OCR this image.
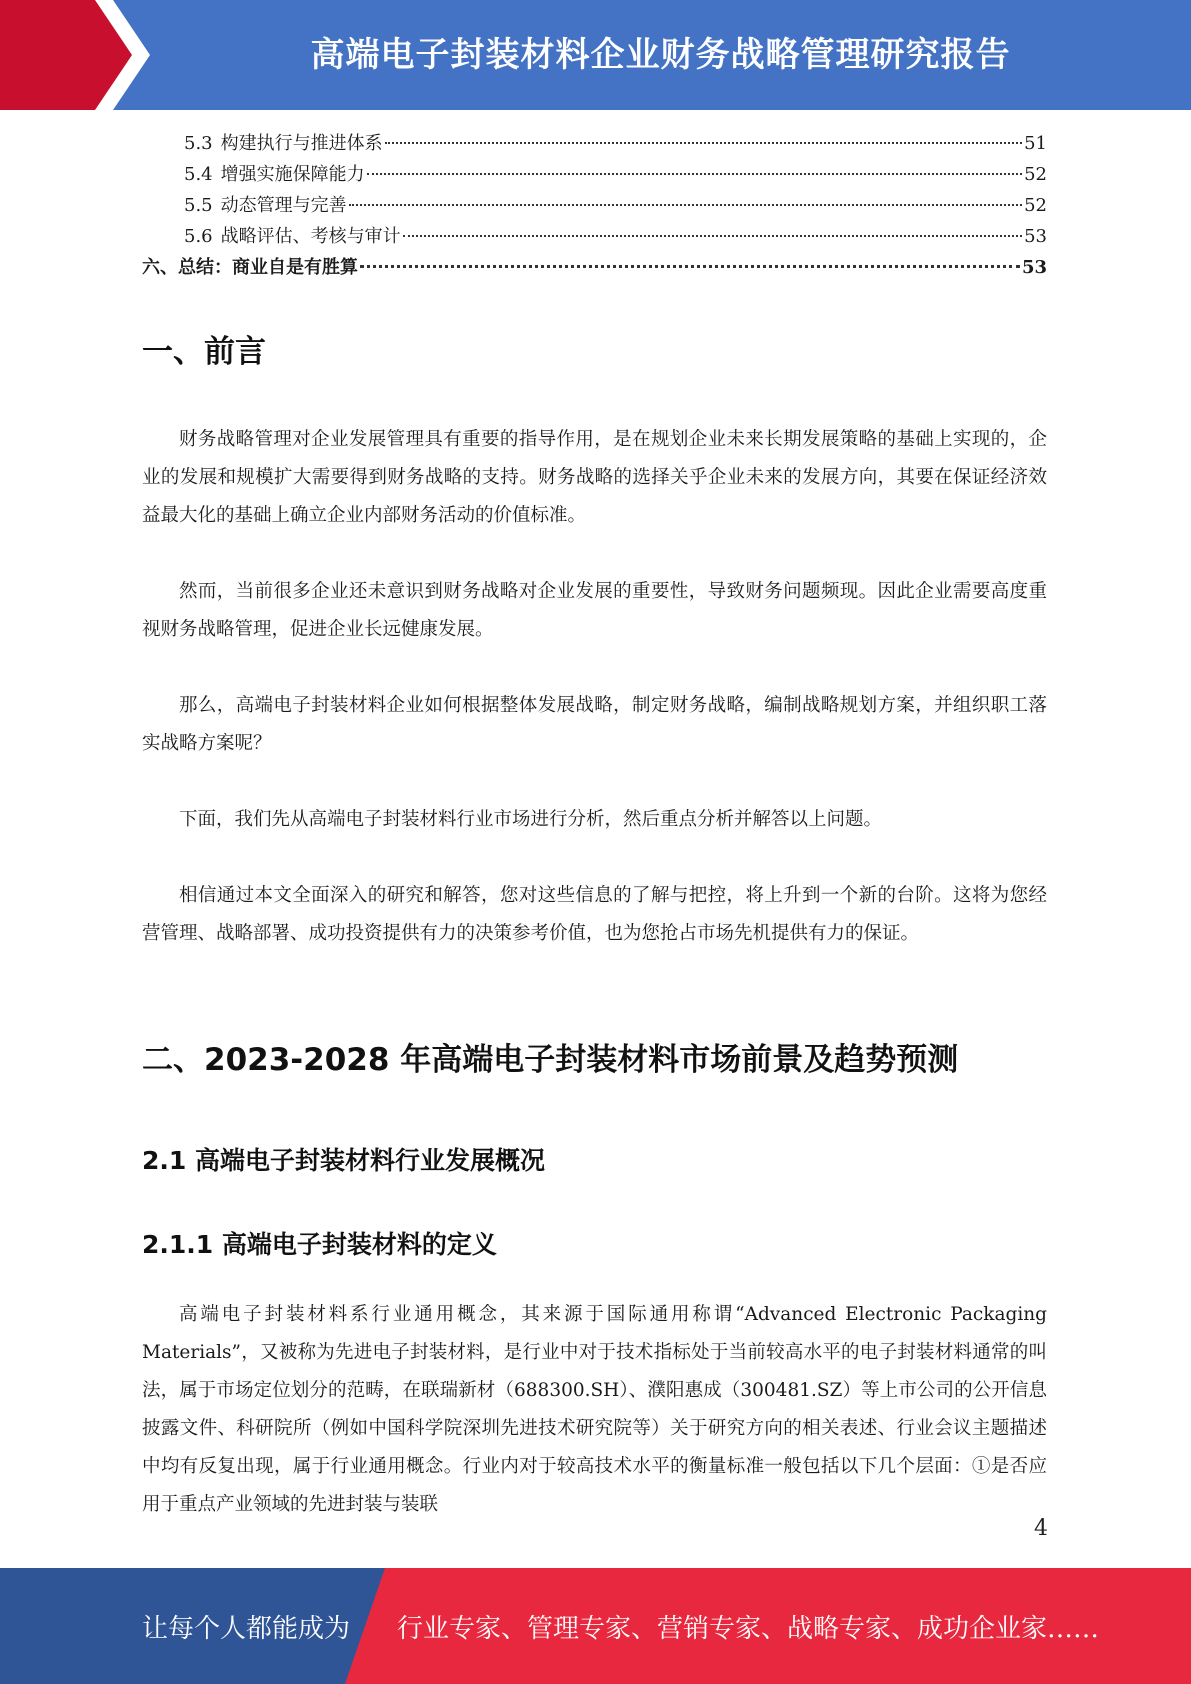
高端电子封装材料企业财务战略管理研究报告
5.3 构建执行与推进体系	51
5.4 增强实施保障能力	52
5.5 动态管理与完善	52
5.6 战略评估、考核与审计	53
六、总结：商业自是有胜算	53
一、前言

财务战略管理对企业发展管理具有重要的指导作用，是在规划企业未来长期发展策略的基础上实现的，企业的发展和规模扩大需要得到财务战略的支持。财务战略的选择关乎企业未来的发展方向，其要在保证经济效益最大化的基础上确立企业内部财务活动的价值标准。

然而，当前很多企业还未意识到财务战略对企业发展的重要性，导致财务问题频现。因此企业需要高度重视财务战略管理，促进企业长远健康发展。

那么，高端电子封装材料企业如何根据整体发展战略，制定财务战略，编制战略规划方案，并组织职工落实战略方案呢？

下面，我们先从高端电子封装材料行业市场进行分析，然后重点分析并解答以上问题。

相信通过本文全面深入的研究和解答，您对这些信息的了解与把控，将上升到一个新的台阶。这将为您经营管理、战略部署、成功投资提供有力的决策参考价值，也为您抢占市场先机提供有力的保证。

二、2023-2028 年高端电子封装材料市场前景及趋势预测
2.1 高端电子封装材料行业发展概况
2.1.1 高端电子封装材料的定义

高端电子封装材料系行业通用概念，其来源于国际通用称谓“Advanced Electronic Packaging Materials”，又被称为先进电子封装材料，是行业中对于技术指标处于当前较高水平的电子封装材料通常的叫法，属于市场定位划分的范畴，在联瑞新材（688300.SH）、濮阳惠成（300481.SZ）等上市公司的公开信息披露文件、科研院所（例如中国科学院深圳先进技术研究院等）关于研究方向的相关表述、行业会议主题描述中均有反复出现，属于行业通用概念。行业内对于较高技术水平的衡量标准一般包括以下几个层面：①是否应用于重点产业领域的先进封装与装联

4
让每个人都能成为 行业专家、管理专家、营销专家、战略专家、成功企业家……
